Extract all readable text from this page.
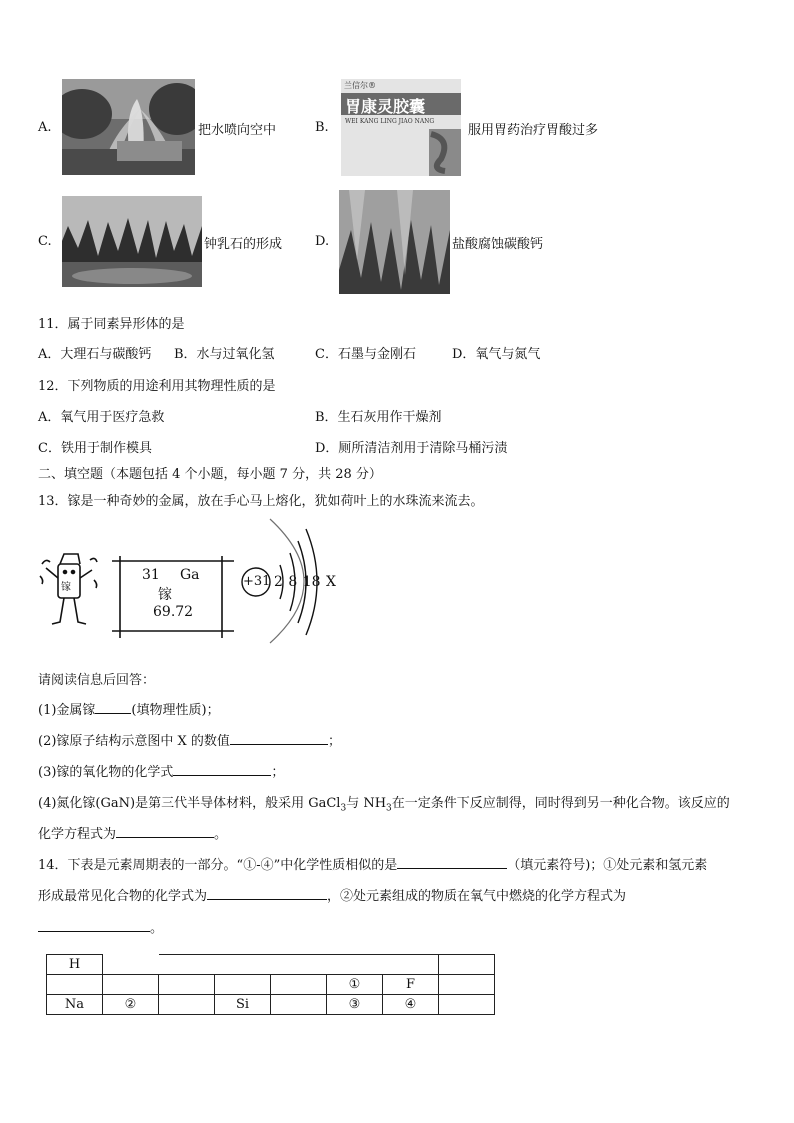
A.	把水喷向空中	B.
兰信尔®
胃康灵胶囊
WEI KANG LING JIAO NANG
服用胃药治疗胃酸过多
C.	钟乳石的形成	D.	盐酸腐蚀碳酸钙
11．属于同素异形体的是
A．大理石与碳酸钙 B．水与过氧化氢	C．石墨与金刚石	D．氧气与氮气
12．下列物质的用途利用其物理性质的是
A．氧气用于医疗急救	B．生石灰用作干燥剂
C．铁用于制作模具	D．厕所清洁剂用于清除马桶污渍
二、填空题（本题包括 4 个小题，每小题 7 分，共 28 分）
13．镓是一种奇妙的金属，放在手心马上熔化，犹如荷叶上的水珠流来流去。
镓
31 Ga
镓
69.72
+31 2 8 18 X
请阅读信息后回答：
(1)金属镓	(填物理性质)；
(2)镓原子结构示意图中 X 的数值	；
(3)镓的氧化物的化学式	；
(4)氮化镓(GaN)是第三代半导体材料，般采用 GaCl$_3$与 $NH_3$在一定条件下反应制得，同时得到另一种化合物。该反应的
化学方程式为	。
14．下表是元素周期表的一部分。“①-④”中化学性质相似的是	（填元素符号)；①处元素和氢元素
形成最常见化合物的化学式为	，②处元素组成的物质在氧气中燃烧的化学方程式为
。
H							
					①	F	
Na	②		Si		③	④	
